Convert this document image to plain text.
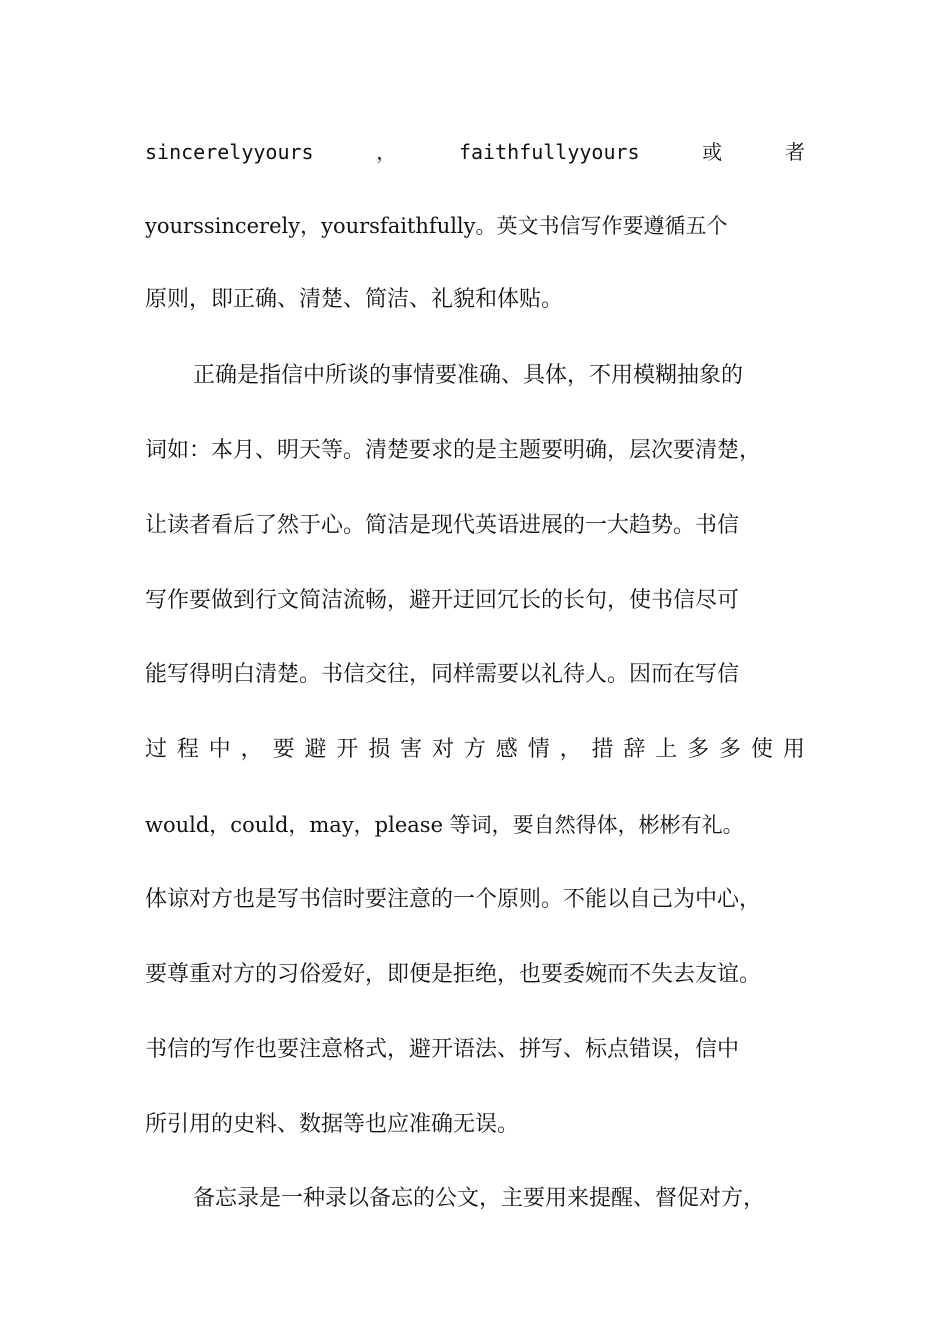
sincerelyyours	，	faithfullyyours	或	者
yourssincerely，yoursfaithfully。英文书信写作要遵循五个
原则，即正确、清楚、简洁、礼貌和体贴。
正确是指信中所谈的事情要准确、具体，不用模糊抽象的
词如：本月、明天等。清楚要求的是主题要明确，层次要清楚，
让读者看后了然于心。简洁是现代英语进展的一大趋势。书信
写作要做到行文简洁流畅，避开迂回冗长的长句，使书信尽可
能写得明白清楚。书信交往，同样需要以礼待人。因而在写信
过 程 中 ， 要 避 开 损 害 对 方 感 情 ， 措 辞 上 多 多 使 用
would，could，may，please 等词，要自然得体，彬彬有礼。
体谅对方也是写书信时要注意的一个原则。不能以自己为中心，
要尊重对方的习俗爱好，即便是拒绝，也要委婉而不失去友谊。
书信的写作也要注意格式，避开语法、拼写、标点错误，信中
所引用的史料、数据等也应准确无误。
备忘录是一种录以备忘的公文，主要用来提醒、督促对方，
